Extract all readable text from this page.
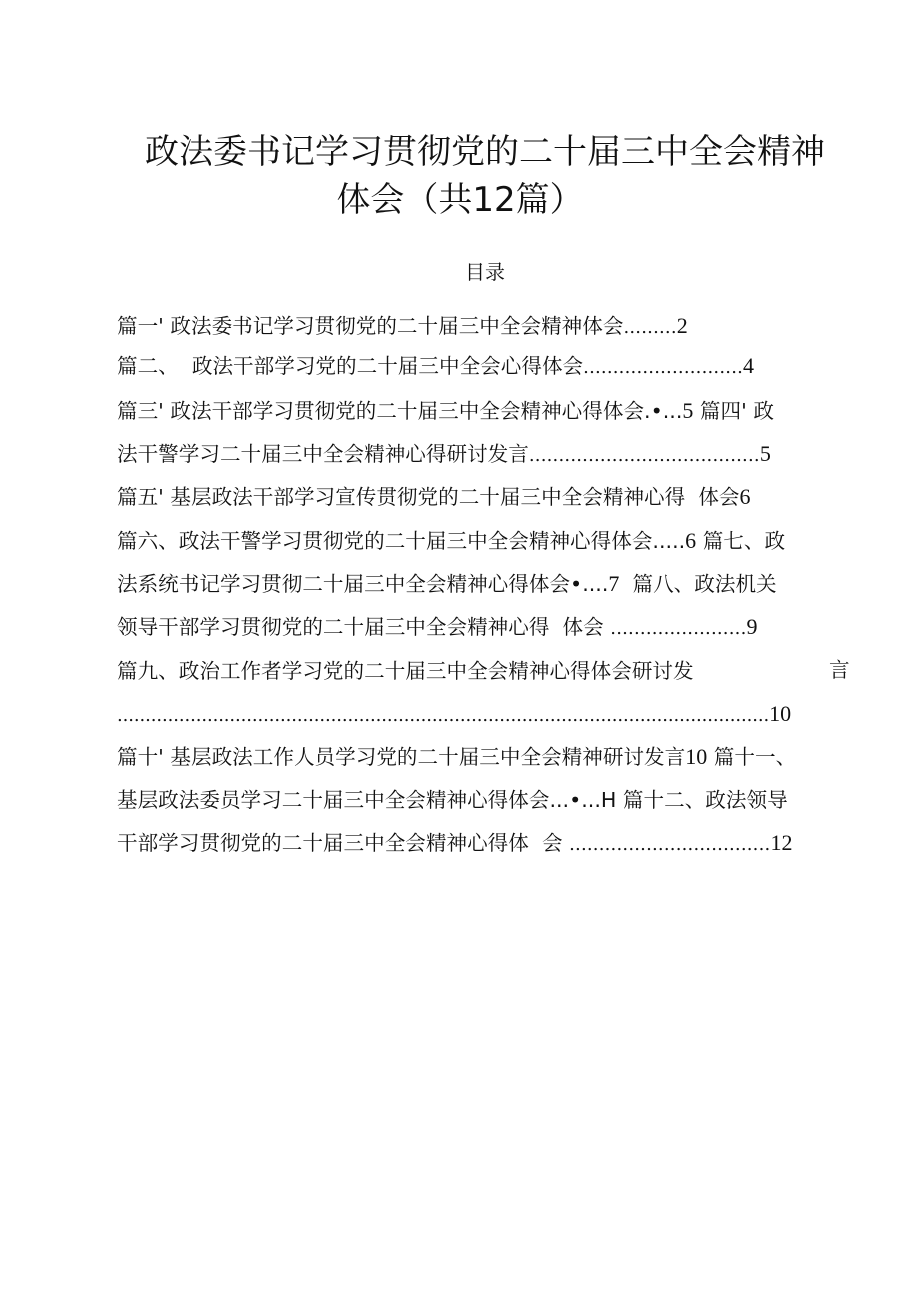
政法委书记学习贯彻党的二十届三中全会精神
体会（共12篇）
目录
篇一' 政法委书记学习贯彻党的二十届三中全会精神体会.........2
篇二、  政法干部学习党的二十届三中全会心得体会...........................4
篇三' 政法干部学习贯彻党的二十届三中全会精神心得体会.•...5 篇四' 政
法干警学习二十届三中全会精神心得研讨发言.......................................5
篇五' 基层政法干部学习宣传贯彻党的二十届三中全会精神心得  体会6
篇六、政法干警学习贯彻党的二十届三中全会精神心得体会.....6 篇七、政
法系统书记学习贯彻二十届三中全会精神心得体会•....7  篇八、政法机关
领导干部学习贯彻党的二十届三中全会精神心得  体会 .......................9
篇九、政治工作者学习党的二十届三中全会精神心得体会研讨发	言
....................................................................................................................10
篇十' 基层政法工作人员学习党的二十届三中全会精神研讨发言10 篇十一、
基层政法委员学习二十届三中全会精神心得体会...•...H 篇十二、政法领导
干部学习贯彻党的二十届三中全会精神心得体  会 ..................................12
